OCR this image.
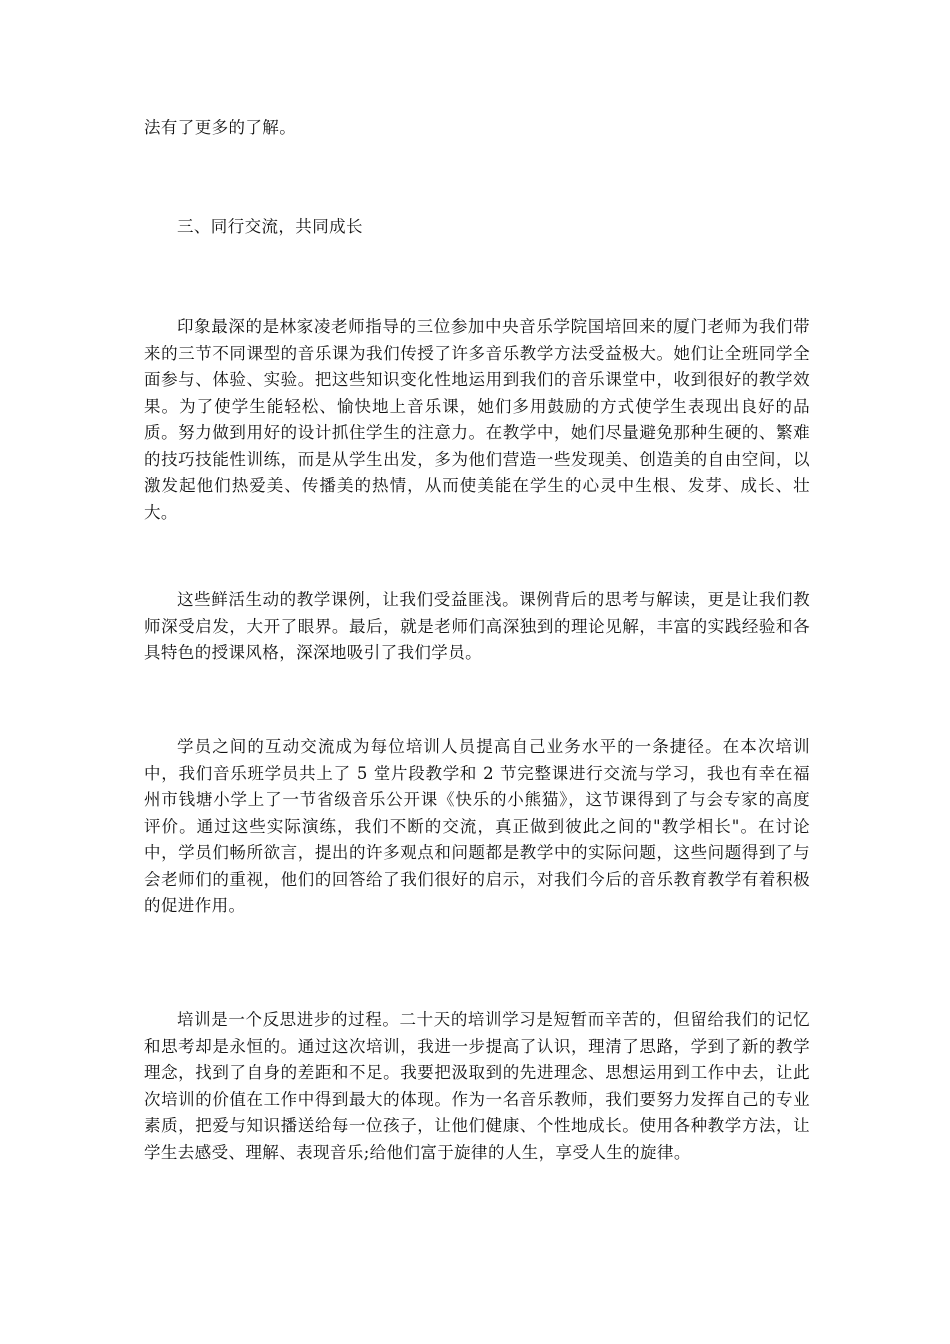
法有了更多的了解。

三、同行交流，共同成长

印象最深的是林家凌老师指导的三位参加中央音乐学院国培回来的厦门老师为我们带来的三节不同课型的音乐课为我们传授了许多音乐教学方法受益极大。她们让全班同学全面参与、体验、实验。把这些知识变化性地运用到我们的音乐课堂中，收到很好的教学效果。为了使学生能轻松、愉快地上音乐课，她们多用鼓励的方式使学生表现出良好的品质。努力做到用好的设计抓住学生的注意力。在教学中，她们尽量避免那种生硬的、繁难的技巧技能性训练，而是从学生出发，多为他们营造一些发现美、创造美的自由空间，以激发起他们热爱美、传播美的热情，从而使美能在学生的心灵中生根、发芽、成长、壮大。

这些鲜活生动的教学课例，让我们受益匪浅。课例背后的思考与解读，更是让我们教师深受启发，大开了眼界。最后，就是老师们高深独到的理论见解，丰富的实践经验和各具特色的授课风格，深深地吸引了我们学员。

学员之间的互动交流成为每位培训人员提高自己业务水平的一条捷径。在本次培训中，我们音乐班学员共上了 5 堂片段教学和 2 节完整课进行交流与学习，我也有幸在福州市钱塘小学上了一节省级音乐公开课《快乐的小熊猫》，这节课得到了与会专家的高度评价。通过这些实际演练，我们不断的交流，真正做到彼此之间的"教学相长"。在讨论中，学员们畅所欲言，提出的许多观点和问题都是教学中的实际问题，这些问题得到了与会老师们的重视，他们的回答给了我们很好的启示，对我们今后的音乐教育教学有着积极的促进作用。

培训是一个反思进步的过程。二十天的培训学习是短暂而辛苦的，但留给我们的记忆和思考却是永恒的。通过这次培训，我进一步提高了认识，理清了思路，学到了新的教学理念，找到了自身的差距和不足。我要把汲取到的先进理念、思想运用到工作中去，让此次培训的价值在工作中得到最大的体现。作为一名音乐教师，我们要努力发挥自己的专业素质，把爱与知识播送给每一位孩子，让他们健康、个性地成长。使用各种教学方法，让学生去感受、理解、表现音乐;给他们富于旋律的人生，享受人生的旋律。
